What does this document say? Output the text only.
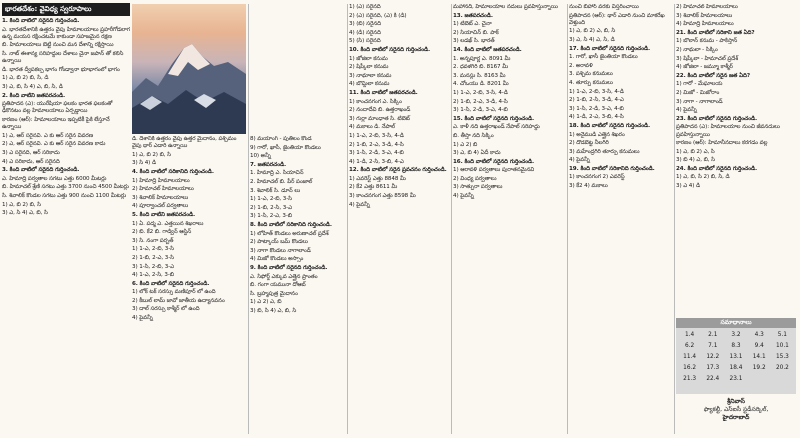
భారతదేశం: వైవిధ్య స్వరూపాలు

1. కింది వాటిలో సరైనది గుర్తించండి.

ఎ. భారతదేశానికి ఉత్తరం వైపు హిమాలయాలు ప్రహరీగోడలాగ ఉన్న మయస రక్షించటమే కాకుండా సహజమైన రక్షణ

బి. హిమాలయాలు బెట్టి నుంచి మన దేశాన్ని రక్షిస్తాయి

సి. నాట్ ఈశాన్య సరిహద్దుల దేశాలు చైనా జపాన్ తో కలిసి ఉన్నాయి

డి. భారత ద్వీపకల్ప భాగం గోండ్వానా భూభాగంలో భాగం

1) ఎ, బి 2) బి, సి, డి

3) ఎ, బి, సి 4) ఎ, బి, సి, డి

2. కింది వాటిని జతపరచండి.

ప్రతిపాదన (ఎ): యురేషియా ఫలకం భారత ఫలకంతో ఢీకొనటం వల్ల హిమాలయాలు ఏర్పడ్డాయి

కారణం (ఆర్): హిమాలయాలు ఇప్పటికీ పైకి లేస్తూనే ఉన్నాయి

1) ఎ, ఆర్ సరైనవి. ఎ కు ఆర్ సరైన వివరణ

2) ఎ, ఆర్ సరైనవి. ఎ కు ఆర్ సరైన వివరణ కాదు

3) ఎ సరైనది, ఆర్ సరికాదు

4) ఎ సరికాదు, ఆర్ సరైనది

3. కింది వాటిలో సరైనది గుర్తించండి.

ఎ. హిమాద్రి పర్వతాల సగటు ఎత్తు 6000 మీటర్లు

బి. హిమాచల్ శ్రేణి సగటు ఎత్తు 3700 నుంచి 4500 మీటర్లు

సి. శివాలిక్ కొండల సగటు ఎత్తు 900 నుంచి 1100 మీటర్లు

1) ఎ, బి 2) బి, సి

3) ఎ, సి 4) ఎ, బి, సి

డి. దేశానికి ఉత్తరం వైపు ఉత్తర మైదానం, పశ్చిమం వైపు థార్ ఎడారి ఉన్నాయి

1) ఎ, బి 2) బి, సి

3) సి 4) డి

4. కింది వాటిలో సరికానిది గుర్తించండి.

1) హిమాద్రి హిమాలయాలు

2) హిమాచల్ హిమాలయాలు

3) శివాలిక్ హిమాలయాలు

4) పూర్వాంచల్ పర్వతాలు

5. కింది వాటిని జతపరచండి.

1) ఏ. పద్మ ఎ. ఎత్తయిన శిఖరాలు

2) బి. కే2 బి. గాడ్విన్ ఆస్టిన్

3) సి. నంగా పర్బత్

1) 1-ఎ, 2-బి, 3-సి

2) 1-బి, 2-ఎ, 3-సి

3) 1-సి, 2-బి, 3-ఎ

4) 1-ఎ, 2-సి, 3-బి

6. కింది వాటిలో సరైనది గుర్తించండి.

1) లోక్ టక్ సరస్సు మణిపూర్ లో ఉంది

2) కీబుల్ లామ్ జావో జాతీయ ఉద్యానవనం

3) దాల్ సరస్సు కాశ్మీర్ లో ఉంది

4) పైవన్నీ

8) మయాంగ్ - పుతిలం కొండ

9) గారో, ఖాసీ, జైంతియా కొండలు

10) అన్నీ

7. జతపరచండి.

1. హిమాద్రి ఎ. సియాచిన్

2. హిమాచల్ బి. పీర్ పంజాల్

3. శివాలిక్ సి. డూన్ లు

1) 1-ఎ, 2-బి, 3-సి

2) 1-బి, 2-సి, 3-ఎ

3) 1-సి, 2-ఎ, 3-బి

8. కింది వాటిలో సరికానిది గుర్తించండి.

1) లోహిత్ కొండలు అరుణాచల్ ప్రదేశ్

2) పాట్కాయ్ బమ్ కొండలు

3) నాగా కొండలు నాగాలాండ్

4) మిజో కొండలు అస్సాం

9. కింది వాటిలో సరైనది గుర్తించండి.

ఎ. సిఫోర్డ్ ఎక్కువ ఎత్తైన ప్రాంతం

బి. గంగా యమునా దోఆబ్

సి. బ్రహ్మపుత్ర మైదానం

1) ఎ 2) ఎ, బి

3) బి, సి 4) ఎ, బి, సి

1) (ఎ) సరైనది

2) (ఎ) సరైనది, (ఎ) కి (డి)

3) (బి) సరైనది

4) (డి) సరైనది

5) (సి) సరైనది

10. కింది వాటిలో సరైనది గుర్తించండి.

1) జోజిలా కనుమ

2) షిప్కీలా కనుమ

3) నాథూలా కనుమ

4) బొమ్డిలా కనుమ

11. కింది వాటిలో జతపరచండి.

1) కాంచనగంగ ఎ. సిక్కిం

2) నందాదేవి బి. ఉత్తరాఖండ్

3) గుర్లా మాంధాత సి. టిబెట్

4) మకాలు డి. నేపాల్

1) 1-ఎ, 2-బి, 3-సి, 4-డి

2) 1-బి, 2-ఎ, 3-డి, 4-సి

3) 1-సి, 2-డి, 3-ఎ, 4-బి

4) 1-డి, 2-సి, 3-బి, 4-ఎ

12. కింది వాటిలో సరైన ప్రవచనం గుర్తించండి.

1) ఎవరెస్ట్ ఎత్తు 8848 మీ

2) కే2 ఎత్తు 8611 మీ

3) కాంచనగంగ ఎత్తు 8598 మీ

4) పైవన్నీ

మహానదీ, హిమాలయాల నదులు ప్రవహిస్తున్నాయి

13. జతపరచండి.

1) టిబెట్ ఎ. చైనా

2) సియాచిన్ బి. పాక్

3) లడఖ్ సి. భారత్

14. కింది వాటిలో జతపరచండి.

1. అన్నపూర్ణ ఎ. 8091 మీ

2. ధవళగిరి బి. 8167 మీ

3. మనస్లు సి. 8163 మీ

4. చోఒయు డి. 8201 మీ

1) 1-ఎ, 2-బి, 3-సి, 4-డి

2) 1-బి, 2-ఎ, 3-డి, 4-సి

3) 1-సి, 2-డి, 3-ఎ, 4-బి

15. కింది వాటిలో సరైనది గుర్తించండి.

ఎ. కాళీ నది ఉత్తరాఖండ్ నేపాల్ సరిహద్దు

బి. తీస్తా నది సిక్కిం

1) ఎ 2) బి

3) ఎ, బి 4) ఏదీ కాదు

16. కింది వాటిలో సరైనది గుర్తించండి.

1) ఆరావళి పర్వతాలు పురాతనమైనవి

2) వింధ్య పర్వతాలు

3) సాత్పురా పర్వతాలు

4) పైవన్నీ

నుంచి బీహార్ వరకు విస్తరించాయి

ప్రతిపాదన (ఆర్): థార్ ఎడారి నుంచి మాకరేఖ వెళ్తుంది

1) ఎ, బి 2) ఎ, బి, సి

3) ఎ, సి 4) ఎ, సి, డి

17. కింది వాటిలో సరైనది గుర్తించండి.

1. గారో, ఖాసీ జైంతియా కొండలు

2. అరావళి

3. పశ్చిమ కనుమలు

4. తూర్పు కనుమలు

1) 1-ఎ, 2-బి, 3-సి, 4-డి

2) 1-బి, 2-సి, 3-డి, 4-ఎ

3) 1-సి, 2-డి, 3-ఎ, 4-బి

4) 1-డి, 2-ఎ, 3-బి, 4-సి

18. కింది వాటిలో సరైనది గుర్తించండి.

1) అనైముడి ఎత్తైన శిఖరం

2) దొడబెట్ట నీలగిరి

3) మహేంద్రగిరి తూర్పు కనుమలు

4) పైవన్నీ

19. కింది వాటిలో సరికానిది గుర్తించండి.

1) కాంచనగంగ 2) ఎవరెస్ట్

3) కే2 4) మకాలు

2) హిమాచల్ హిమాలయాలు

3) శివాలిక్ హిమాలయాలు

4) హిమాద్రి హిమాలయాలు

21. కింది వాటిలో సరికాని జత ఏది?

1) బొలాన్ కనుమ - పాకిస్తాన్

2) నాథులా - సిక్కిం

3) షిప్కీలా - హిమాచల్ ప్రదేశ్

4) జోజిలా - జమ్మూ కాశ్మీర్

22. కింది వాటిలో సరైన జత ఏది?

1) గారో - మేఘాలయ

2) మిజో - మిజోరాం

3) నాగా - నాగాలాండ్

4) పైవన్నీ

23. కింది వాటిలో సరైనది గుర్తించండి.

ప్రతిపాదన (ఎ): హిమాలయాల నుంచి జీవనదులు ప్రవహిస్తున్నాయి

కారణం (ఆర్): హిమానీనదాలు కరగడం వల్ల

1) ఎ, బి 2) ఎ, సి

3) బి 4) ఎ, బి, సి

24. కింది వాటిలో సరైనది గుర్తించండి.

1) ఎ, బి, సి 2) బి, సి, డి

3) ఎ 4) డి

సమాధానాలు
1.4	2.1	3.2	4.3	5.1
6.2	7.1	8.3	9.4	10.1
11.4	12.2	13.1	14.1	15.3
16.2	17.3	18.4	19.2	20.2
21.3	22.4	23.1
శ్రీనివాస్
ఫ్యాకల్టీ, ఎస్ఐసీ స్టడీసర్కిల్,
హైదరాబాద్
